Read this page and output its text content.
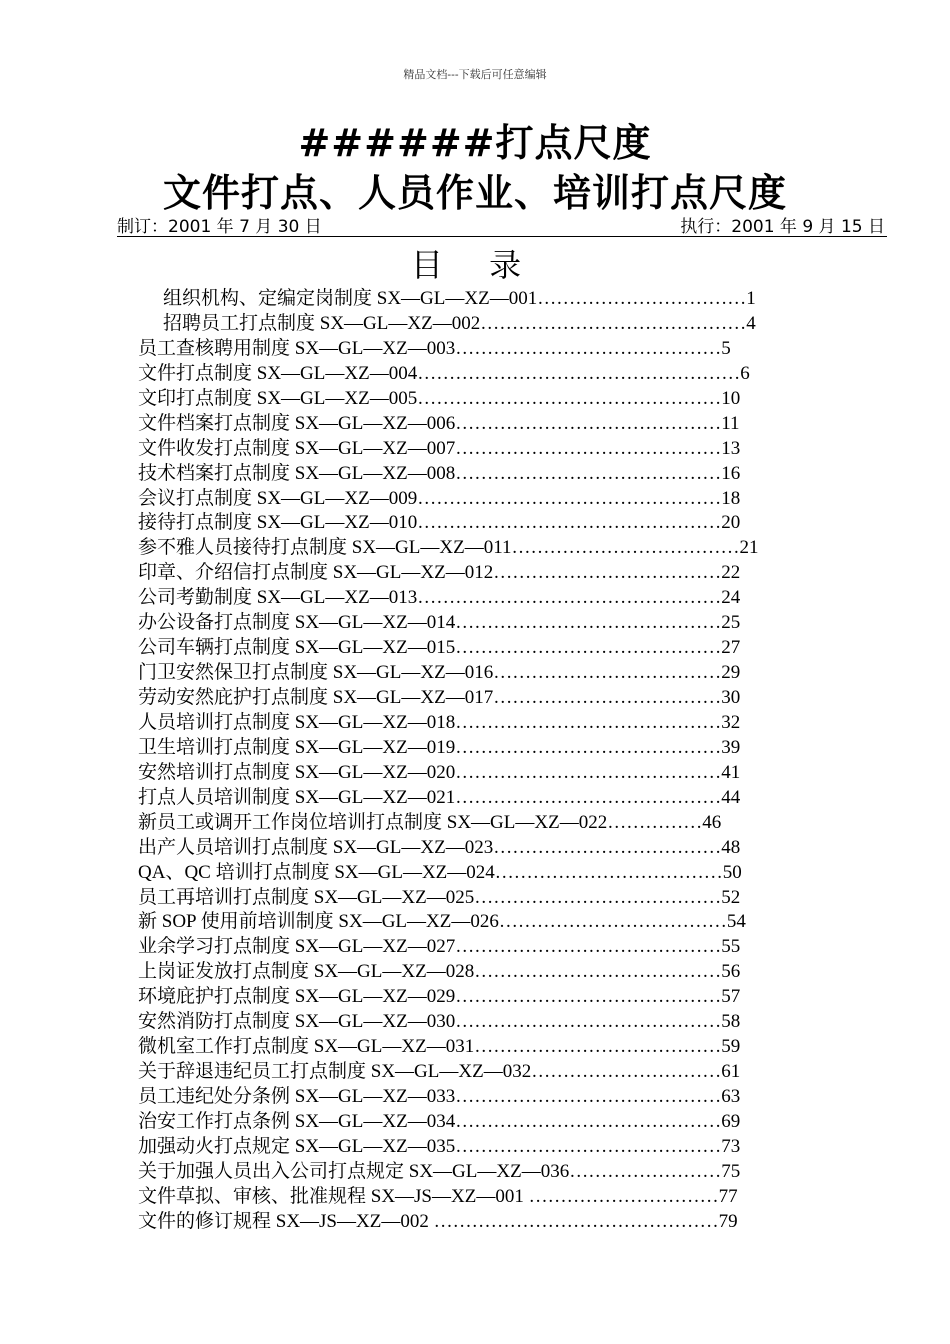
精品文档---下载后可任意编辑
######打点尺度
文件打点、人员作业、培训打点尺度
制订：2001 年 7 月 30 日	执行：2001 年 9 月 15 日
目 录
组织机构、定编定岗制度 SX—GL—XZ—001……………………………1
招聘员工打点制度 SX—GL—XZ—002……………………………………4
员工查核聘用制度 SX—GL—XZ—003……………………………………5
文件打点制度 SX—GL—XZ—004……………………………………………6
文印打点制度 SX—GL—XZ—005…………………………………………10
文件档案打点制度 SX—GL—XZ—006……………………………………11
文件收发打点制度 SX—GL—XZ—007……………………………………13
技术档案打点制度 SX—GL—XZ—008……………………………………16
会议打点制度 SX—GL—XZ—009…………………………………………18
接待打点制度 SX—GL—XZ—010…………………………………………20
参不雅人员接待打点制度 SX—GL—XZ—011………………………………21
印章、介绍信打点制度 SX—GL—XZ—012………………………………22
公司考勤制度 SX—GL—XZ—013…………………………………………24
办公设备打点制度 SX—GL—XZ—014……………………………………25
公司车辆打点制度 SX—GL—XZ—015……………………………………27
门卫安然保卫打点制度 SX—GL—XZ—016………………………………29
劳动安然庇护打点制度 SX—GL—XZ—017………………………………30
人员培训打点制度 SX—GL—XZ—018……………………………………32
卫生培训打点制度 SX—GL—XZ—019……………………………………39
安然培训打点制度 SX—GL—XZ—020……………………………………41
打点人员培训制度 SX—GL—XZ—021……………………………………44
新员工或调开工作岗位培训打点制度 SX—GL—XZ—022……………46
出产人员培训打点制度 SX—GL—XZ—023………………………………48
QA、QC 培训打点制度 SX—GL—XZ—024………………………………50
员工再培训打点制度 SX—GL—XZ—025…………………………………52
新 SOP 使用前培训制度 SX—GL—XZ—026………………………………54
业余学习打点制度 SX—GL—XZ—027……………………………………55
上岗证发放打点制度 SX—GL—XZ—028…………………………………56
环境庇护打点制度 SX—GL—XZ—029……………………………………57
安然消防打点制度 SX—GL—XZ—030……………………………………58
微机室工作打点制度 SX—GL—XZ—031…………………………………59
关于辞退违纪员工打点制度 SX—GL—XZ—032…………………………61
员工违纪处分条例 SX—GL—XZ—033……………………………………63
治安工作打点条例 SX—GL—XZ—034……………………………………69
加强动火打点规定 SX—GL—XZ—035……………………………………73
关于加强人员出入公司打点规定 SX—GL—XZ—036……………………75
文件草拟、审核、批准规程 SX—JS—XZ—001 …………………………77
文件的修订规程 SX—JS—XZ—002 ………………………………………79
